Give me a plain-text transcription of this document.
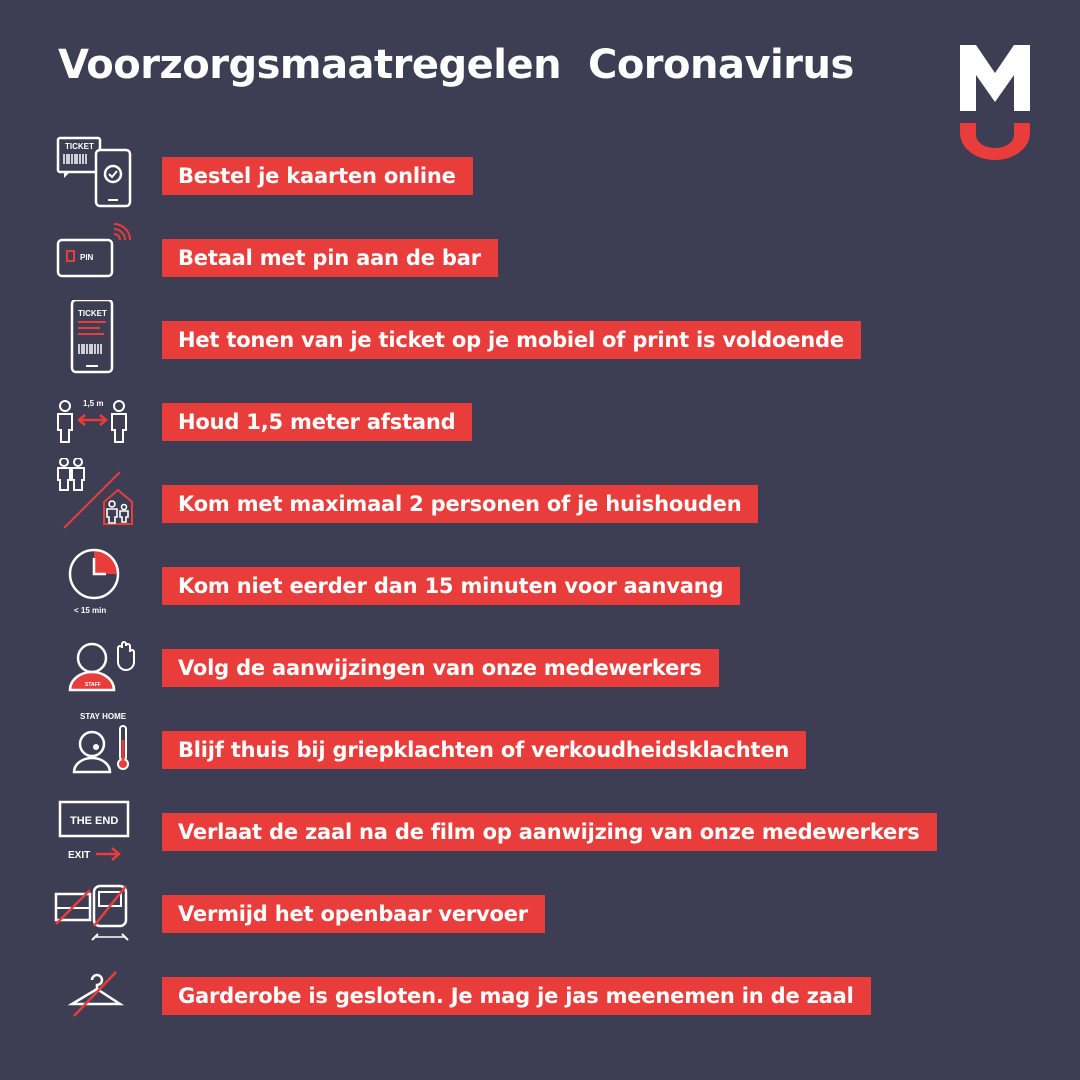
Voorzorgsmaatregelen  Coronavirus
TICKET
Bestel je kaarten online
PIN	Betaal met pin aan de bar
TICKET
Het tonen van je ticket op je mobiel of print is voldoende
1,5 m
Houd 1,5 meter afstand
Kom met maximaal 2 personen of je huishouden
< 15 min
Kom niet eerder dan 15 minuten voor aanvang
STAFF
Volg de aanwijzingen van onze medewerkers
STAY HOME
Blijf thuis bij griepklachten of verkoudheidsklachten
THE END
EXIT
Verlaat de zaal na de film op aanwijzing van onze medewerkers
Vermijd het openbaar vervoer
Garderobe is gesloten. Je mag je jas meenemen in de zaal
